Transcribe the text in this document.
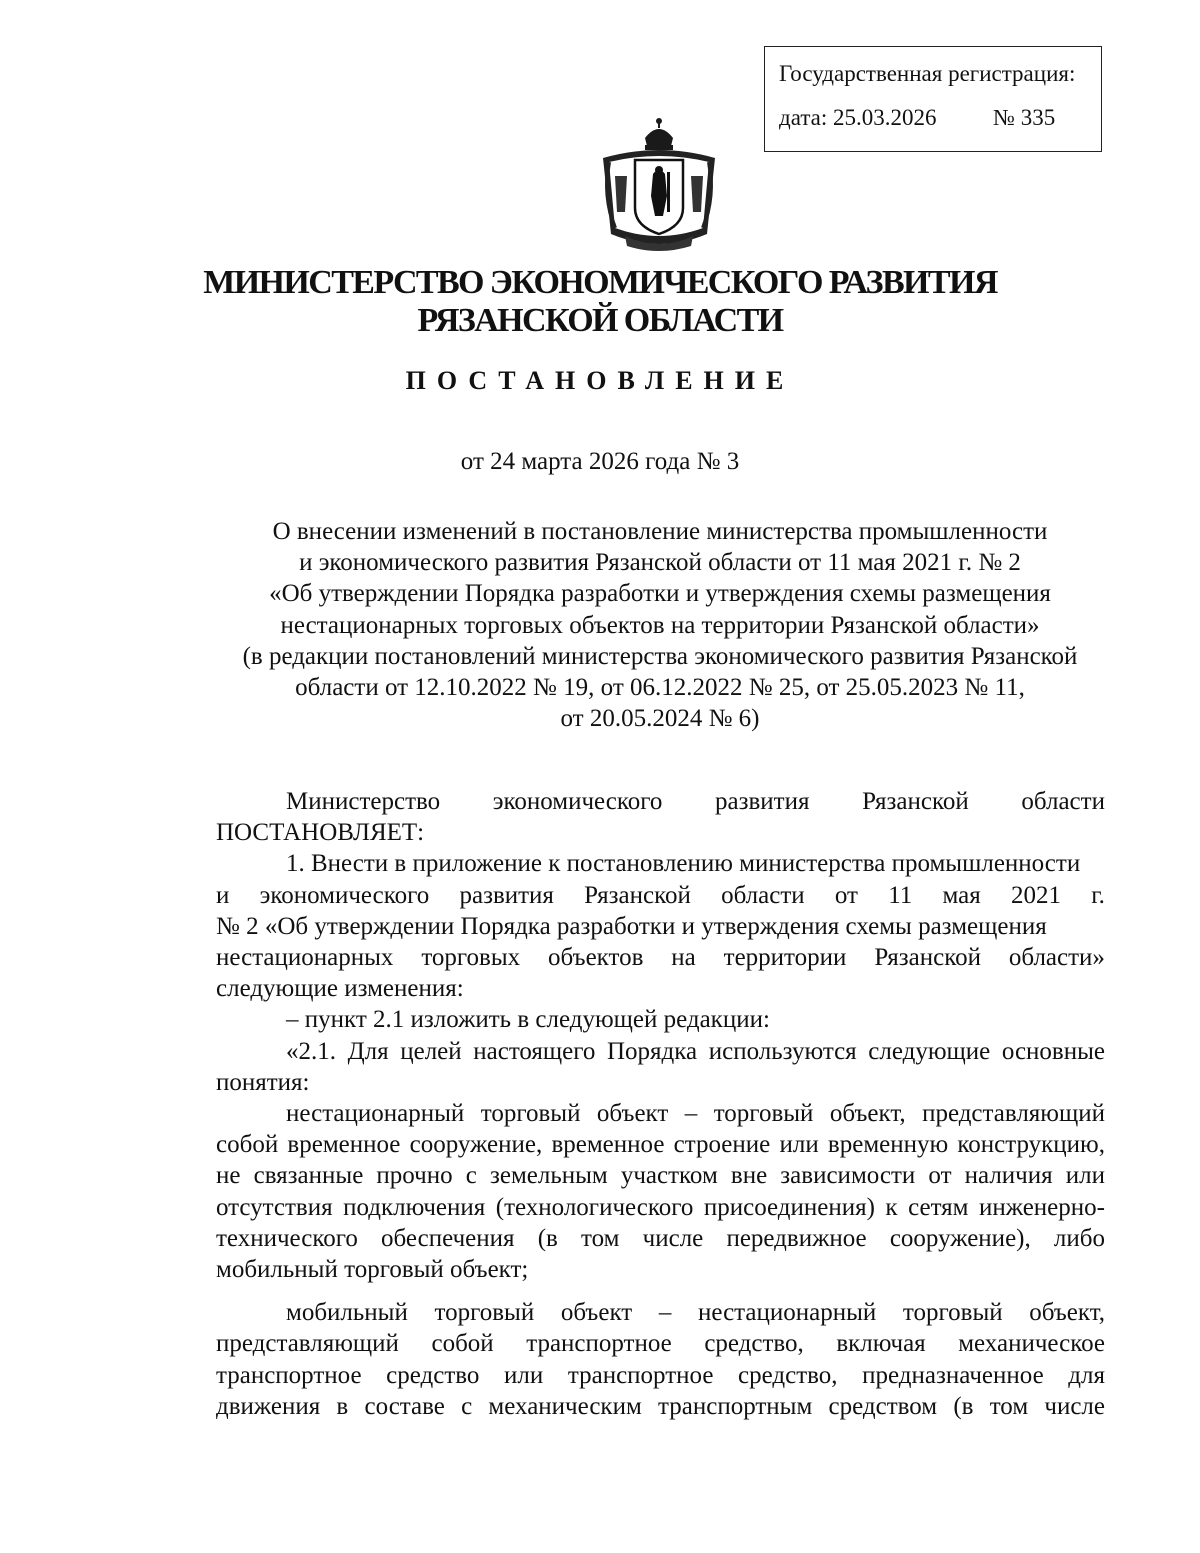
Государственная регистрация:
дата: 25.03.2026 № 335
МИНИСТЕРСТВО ЭКОНОМИЧЕСКОГО РАЗВИТИЯ
РЯЗАНСКОЙ ОБЛАСТИ
ПОСТАНОВЛЕНИЕ
от 24 марта 2026 года № 3
О внесении изменений в постановление министерства промышленности
и экономического развития Рязанской области от 11 мая 2021 г. № 2
«Об утверждении Порядка разработки и утверждения схемы размещения
нестационарных торговых объектов на территории Рязанской области»
(в редакции постановлений министерства экономического развития Рязанской
области от 12.10.2022 № 19, от 06.12.2022 № 25, от 25.05.2023 № 11,
от 20.05.2024 № 6)
Министерство экономического развития Рязанской области
ПОСТАНОВЛЯЕТ:
1. Внести в приложение к постановлению министерства промышленности
и экономического развития Рязанской области от 11 мая 2021 г.
№ 2 «Об утверждении Порядка разработки и утверждения схемы размещения
нестационарных торговых объектов на территории Рязанской области»
следующие изменения:
– пункт 2.1 изложить в следующей редакции:
«2.1. Для целей настоящего Порядка используются следующие основные понятия:
нестационарный торговый объект – торговый объект, представляющий собой временное сооружение, временное строение или временную конструкцию, не связанные прочно с земельным участком вне зависимости от наличия или отсутствия подключения (технологического присоединения) к сетям инженерно-технического обеспечения (в том числе передвижное сооружение), либо мобильный торговый объект;
мобильный торговый объект – нестационарный торговый объект, представляющий собой транспортное средство, включая механическое транспортное средство или транспортное средство, предназначенное для движения в составе с механическим транспортным средством (в том числе
